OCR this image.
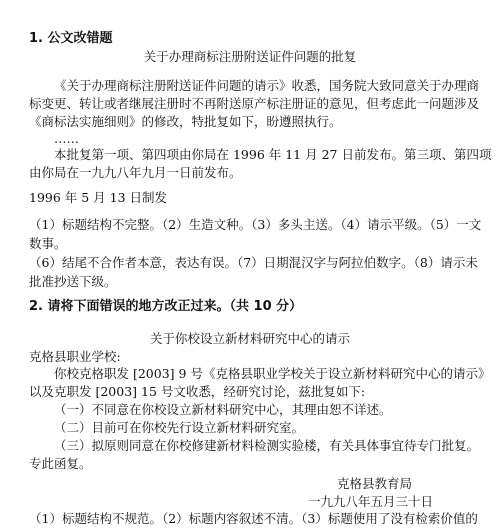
1. 公文改错题
关于办理商标注册附送证件问题的批复
《关于办理商标注册附送证件问题的请示》收悉，国务院大致同意关于办理商
标变更、转让或者继展注册时不再附送原产标注册证的意见，但考虑此一问题涉及
《商标法实施细则》的修改，特批复如下，盼遵照执行。
……
本批复第一项、第四项由你局在 1996 年 11 月 27 日前发布。第三项、第四项
由你局在一九九八年九月一日前发布。
1996 年 5 月 13 日制发
（1）标题结构不完整。（2）生造文种。（3）多头主送。（4）请示平级。（5）一文
数事。
（6）结尾不合作者本意，表达有误。（7）日期混汉字与阿拉伯数字。（8）请示未
批准抄送下级。
2. 请将下面错误的地方改正过来。（共 10 分）
关于你校设立新材料研究中心的请示
克格县职业学校:
你校克格职发 [2003] 9 号《克格县职业学校关于设立新材料研究中心的请示》
以及克职发 [2003] 15 号文收悉，经研究讨论，兹批复如下:
（一）不同意在你校设立新材料研究中心，其理由恕不详述。
（二）目前可在你校先行设立新材料研究室。
（三）拟原则同意在你校修建新材料检测实验楼，有关具体事宜待专门批复。
专此函复。
克格县教育局
一九九八年五月三十日
（1）标题结构不规范。（2）标题内容叙述不清。（3）标题使用了没有检索价值的
